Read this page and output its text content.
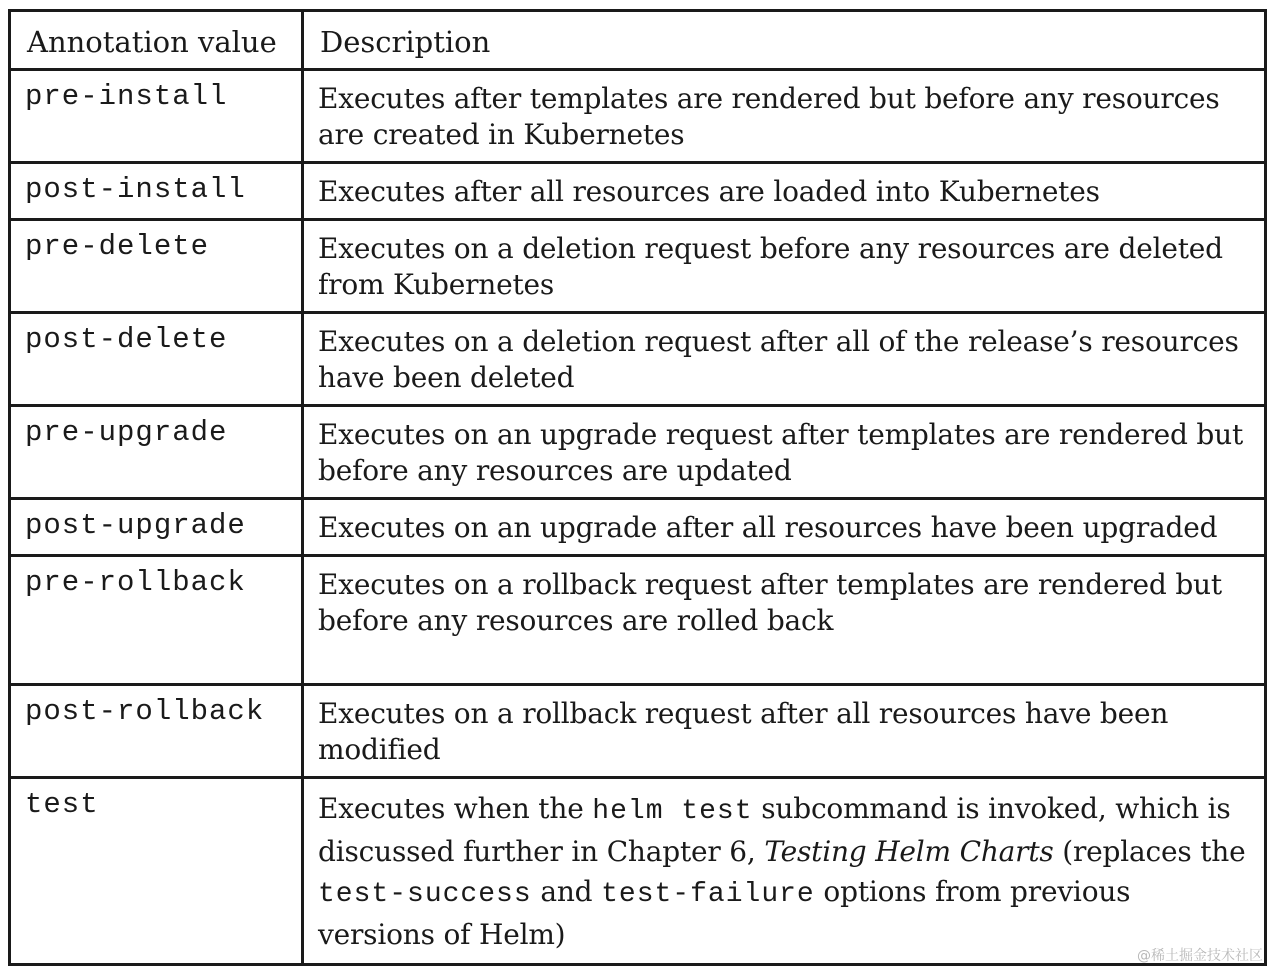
Annotation value	Description
pre-install	Executes after templates are rendered but before any resources are created in Kubernetes
post-install	Executes after all resources are loaded into Kubernetes
pre-delete	Executes on a deletion request before any resources are deleted from Kubernetes
post-delete	Executes on a deletion request after all of the release’s resources have been deleted
pre-upgrade	Executes on an upgrade request after templates are rendered but before any resources are updated
post-upgrade	Executes on an upgrade after all resources have been upgraded
pre-rollback	Executes on a rollback request after templates are rendered but before any resources are rolled back
post-rollback	Executes on a rollback request after all resources have been modified
test	Executes when the helm test subcommand is invoked, which is discussed further in Chapter 6, Testing Helm Charts (replaces the test-success and test-failure options from previous versions of Helm)
@稀土掘金技术社区
